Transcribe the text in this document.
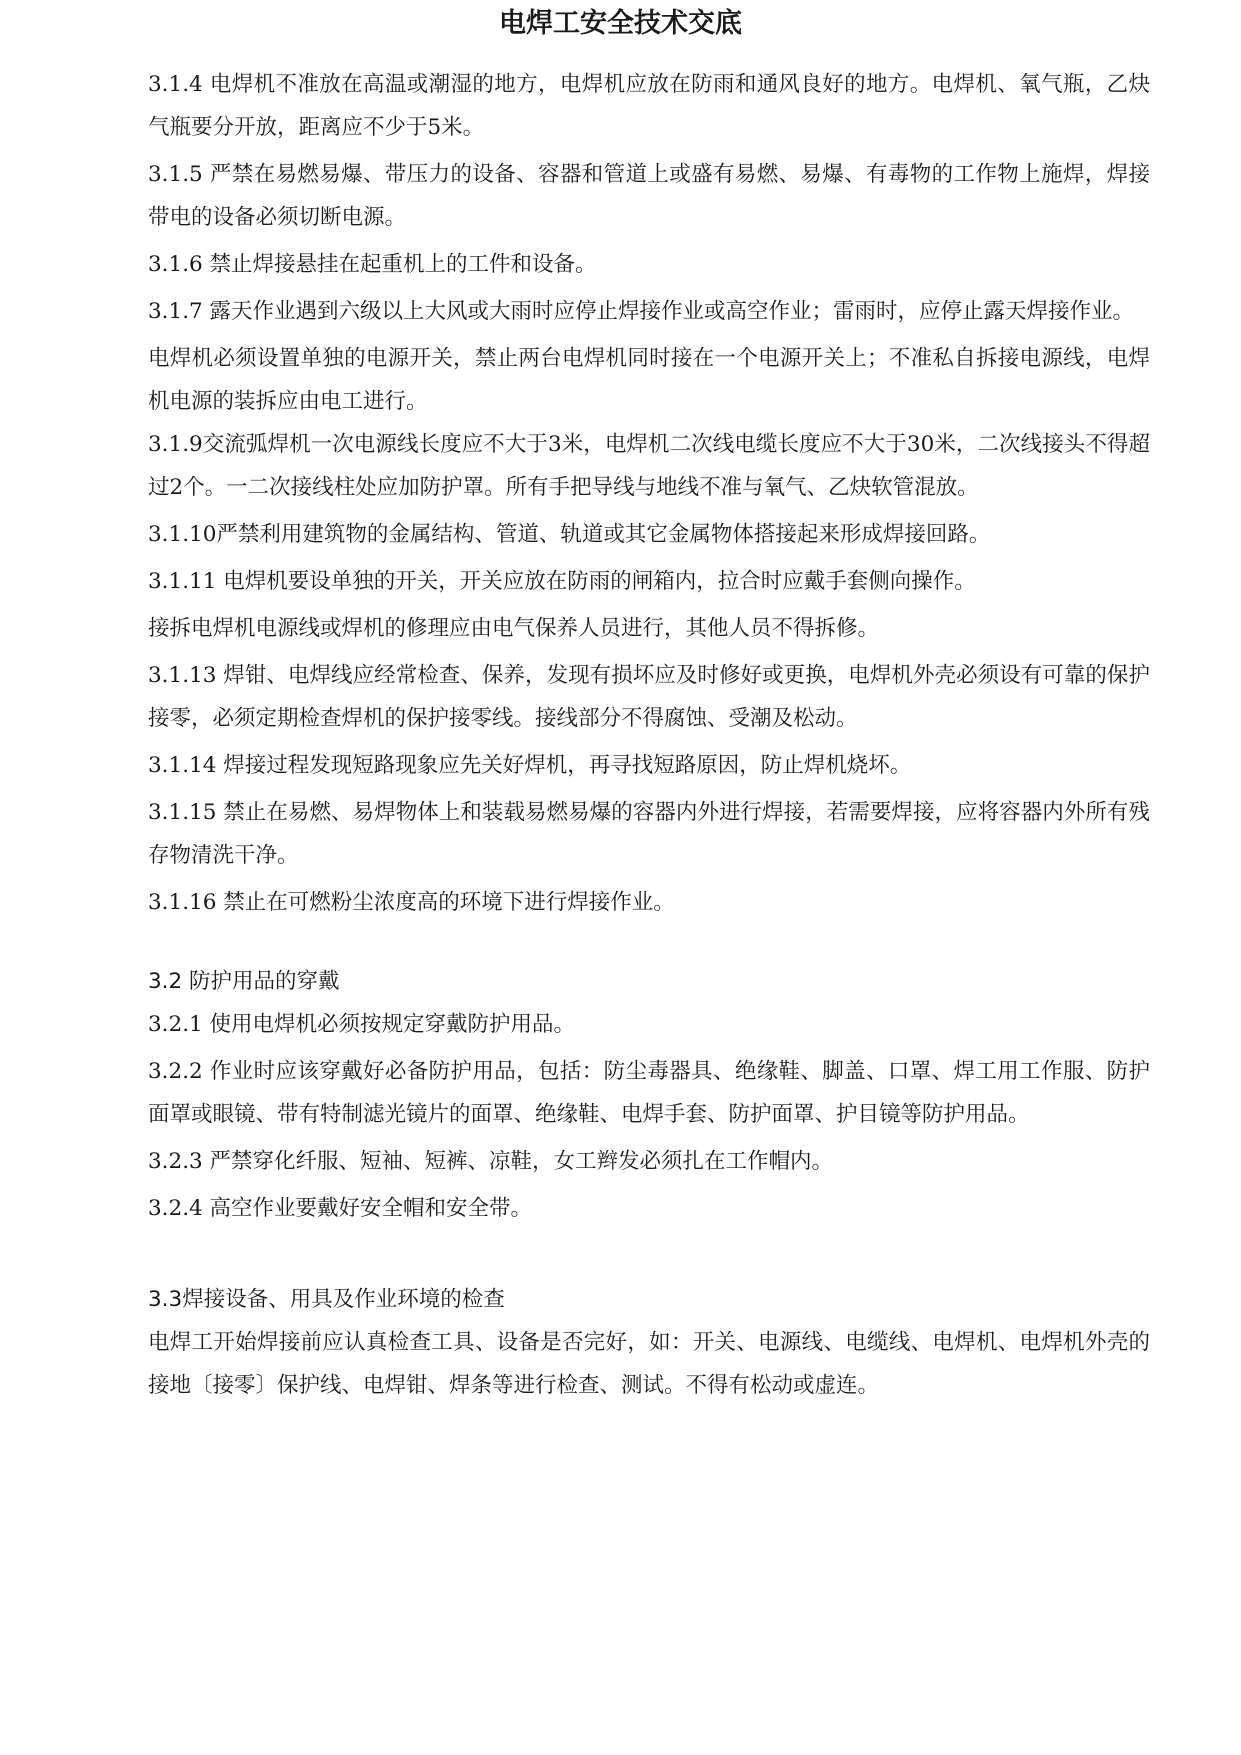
电焊工安全技术交底

3.1.4 电焊机不准放在高温或潮湿的地方，电焊机应放在防雨和通风良好的地方。电焊机、氧气瓶，乙炔气瓶要分开放，距离应不少于5米。

3.1.5 严禁在易燃易爆、带压力的设备、容器和管道上或盛有易燃、易爆、有毒物的工作物上施焊，焊接带电的设备必须切断电源。

3.1.6 禁止焊接悬挂在起重机上的工件和设备。

3.1.7 露天作业遇到六级以上大风或大雨时应停止焊接作业或高空作业；雷雨时，应停止露天焊接作业。

电焊机必须设置单独的电源开关，禁止两台电焊机同时接在一个电源开关上；不准私自拆接电源线，电焊机电源的装拆应由电工进行。

3.1.9交流弧焊机一次电源线长度应不大于3米，电焊机二次线电缆长度应不大于30米，二次线接头不得超过2个。一二次接线柱处应加防护罩。所有手把导线与地线不准与氧气、乙炔软管混放。

3.1.10严禁利用建筑物的金属结构、管道、轨道或其它金属物体搭接起来形成焊接回路。

3.1.11 电焊机要设单独的开关，开关应放在防雨的闸箱内，拉合时应戴手套侧向操作。

接拆电焊机电源线或焊机的修理应由电气保养人员进行，其他人员不得拆修。

3.1.13 焊钳、电焊线应经常检查、保养，发现有损坏应及时修好或更换，电焊机外壳必须设有可靠的保护接零，必须定期检查焊机的保护接零线。接线部分不得腐蚀、受潮及松动。

3.1.14 焊接过程发现短路现象应先关好焊机，再寻找短路原因，防止焊机烧坏。

3.1.15 禁止在易燃、易焊物体上和装载易燃易爆的容器内外进行焊接，若需要焊接，应将容器内外所有残存物清洗干净。

3.1.16 禁止在可燃粉尘浓度高的环境下进行焊接作业。

3.2 防护用品的穿戴

3.2.1 使用电焊机必须按规定穿戴防护用品。

3.2.2 作业时应该穿戴好必备防护用品，包括：防尘毒器具、绝缘鞋、脚盖、口罩、焊工用工作服、防护面罩或眼镜、带有特制滤光镜片的面罩、绝缘鞋、电焊手套、防护面罩、护目镜等防护用品。

3.2.3 严禁穿化纤服、短袖、短裤、凉鞋，女工辫发必须扎在工作帽内。

3.2.4 高空作业要戴好安全帽和安全带。

3.3焊接设备、用具及作业环境的检查

电焊工开始焊接前应认真检查工具、设备是否完好，如：开关、电源线、电缆线、电焊机、电焊机外壳的接地〔接零〕保护线、电焊钳、焊条等进行检查、测试。不得有松动或虚连。
